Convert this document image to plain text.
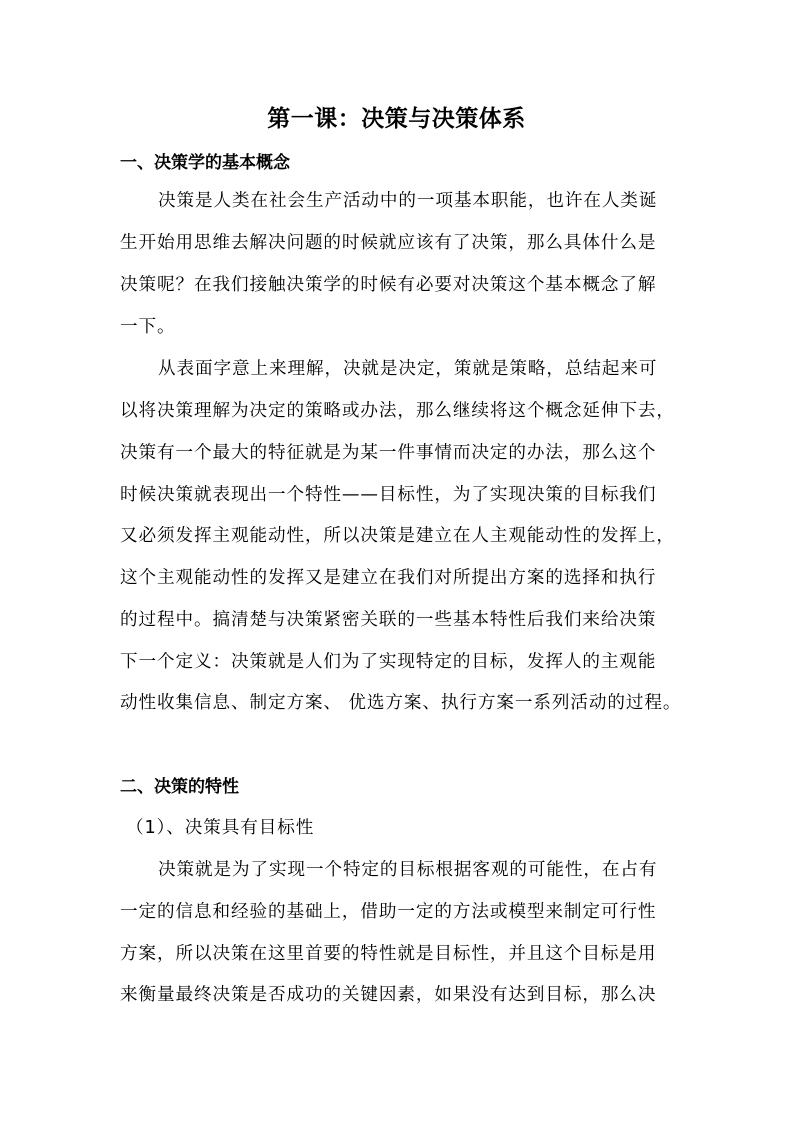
第一课：决策与决策体系
一、决策学的基本概念
决策是人类在社会生产活动中的一项基本职能，也许在人类诞
生开始用思维去解决问题的时候就应该有了决策，那么具体什么是
决策呢？在我们接触决策学的时候有必要对决策这个基本概念了解
一下。
从表面字意上来理解，决就是决定，策就是策略，总结起来可
以将决策理解为决定的策略或办法，那么继续将这个概念延伸下去，
决策有一个最大的特征就是为某一件事情而决定的办法，那么这个
时候决策就表现出一个特性——目标性，为了实现决策的目标我们
又必须发挥主观能动性，所以决策是建立在人主观能动性的发挥上，
这个主观能动性的发挥又是建立在我们对所提出方案的选择和执行
的过程中。搞清楚与决策紧密关联的一些基本特性后我们来给决策
下一个定义：决策就是人们为了实现特定的目标，发挥人的主观能
动性收集信息、制定方案、 优选方案、执行方案一系列活动的过程。
二、决策的特性
（1）、决策具有目标性
决策就是为了实现一个特定的目标根据客观的可能性，在占有
一定的信息和经验的基础上，借助一定的方法或模型来制定可行性
方案，所以决策在这里首要的特性就是目标性，并且这个目标是用
来衡量最终决策是否成功的关键因素，如果没有达到目标，那么决
